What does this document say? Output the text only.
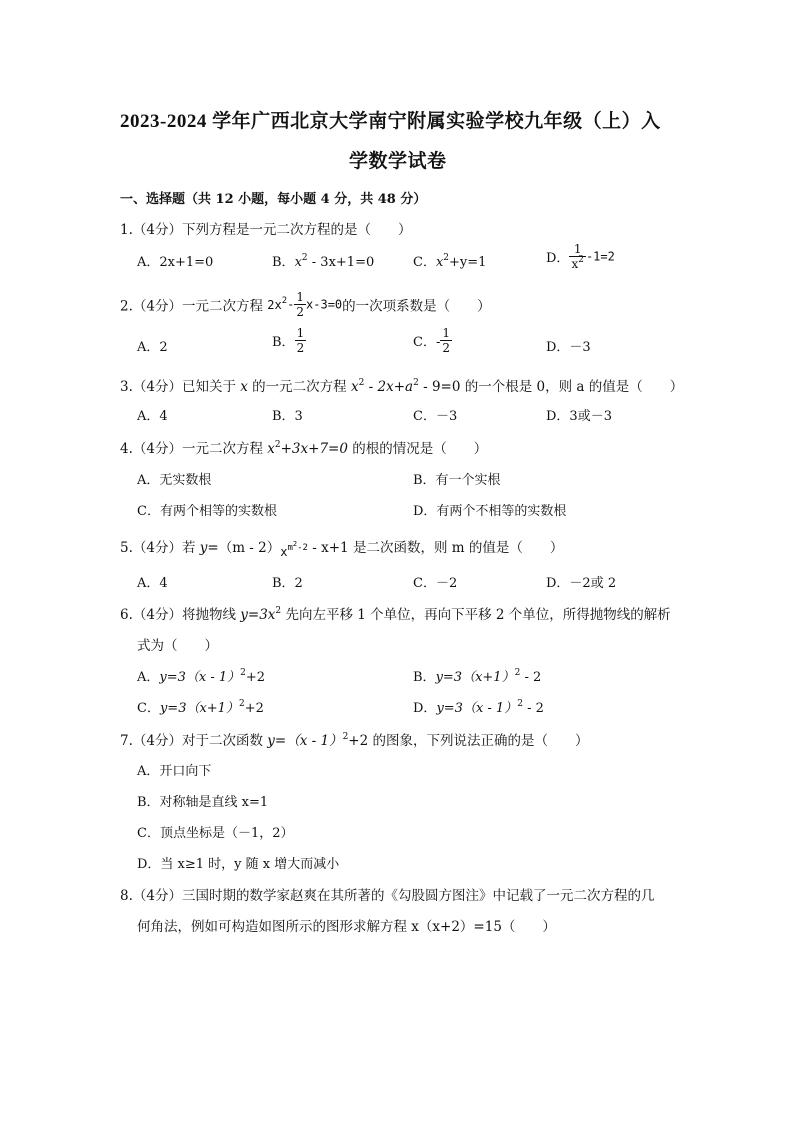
2023-2024 学年广西北京大学南宁附属实验学校九年级（上）入
学数学试卷
一、选择题（共 12 小题，每小题 4 分，共 48 分）
1.（4分）下列方程是一元二次方程的是（　　）
A．2x+1=0	B．$x^2 - 3x+1=0$	C．$x^2+y=1$	D． $\frac{1}{x^2} -1=2$
2.（4分）一元二次方程 $2x^2- \frac{1}{2} x-3=0$的一次项系数是（　　）
A．2	B． $\frac{1}{2}$	C．- $\frac{1}{2}$	D．－3
3.（4分）已知关于 x 的一元二次方程 $x^2 - 2x+a^2 - 9=0$ 的一个根是 0，则 a 的值是（　　）
A．4	B．3	C．－3	D．3或－3
4.（4分）一元二次方程 $x^2+3x+7=0$ 的根的情况是（　　）
A．无实数根	B．有一个实根
C．有两个相等的实数根	D．有两个不相等的实数根
5.（4分）若 $y=(m - 2)x^{m^2-2} - x+1$ 是二次函数，则 m 的值是（　　）
A．4	B．2	C．－2	D．－2或 2
6.（4分）将抛物线 $y=3x^2$ 先向左平移 1 个单位，再向下平移 2 个单位，所得抛物线的解析
式为（　　）
A．y=3（x - 1）$^2$+2	B．$y=3(x+1)^2 - 2$
C．$y=3(x+1)^2+2$	D．y=3（x - 1）$^2$ - 2
7.（4分）对于二次函数 y=（x - 1）$^2$+2 的图象，下列说法正确的是（　　）
A．开口向下
B．对称轴是直线 x=1
C．顶点坐标是（－1，2）
D．当 x≥1 时，y 随 x 增大而减小
8.（4分）三国时期的数学家赵爽在其所著的《勾股圆方图注》中记载了一元二次方程的几
何角法，例如可构造如图所示的图形求解方程 x（x+2）=15（　　）
